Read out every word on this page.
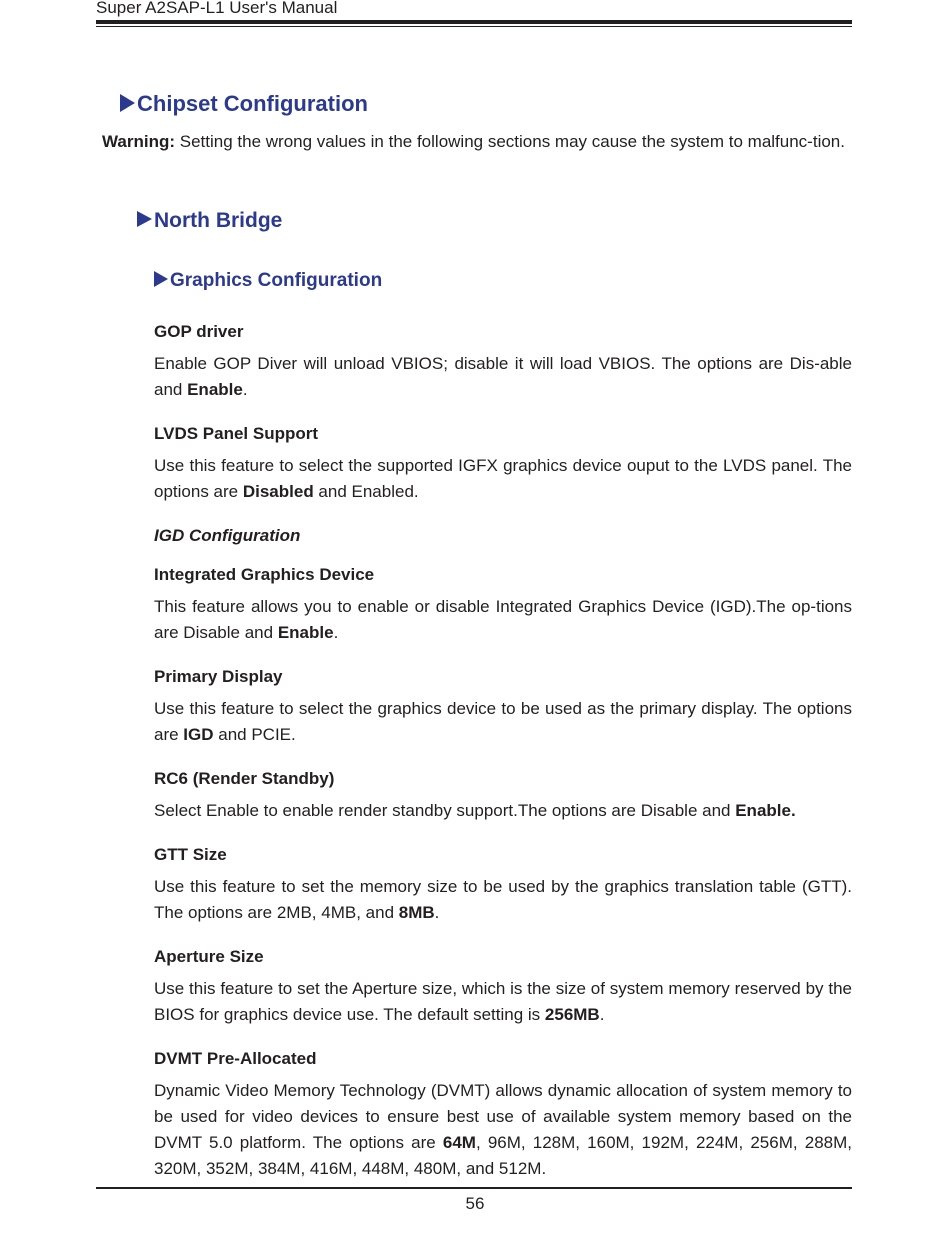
Super A2SAP-L1 User's Manual
Chipset Configuration
Warning: Setting the wrong values in the following sections may cause the system to malfunc-tion.
North Bridge
Graphics Configuration
GOP driver
Enable GOP Diver will unload VBIOS; disable it will load VBIOS. The options are Dis-able and Enable.
LVDS Panel Support
Use this feature to select the supported IGFX graphics device ouput to the LVDS panel. The options are Disabled and Enabled.
IGD Configuration
Integrated Graphics Device
This feature allows you to enable or disable Integrated Graphics Device (IGD).The op-tions are Disable and Enable.
Primary Display
Use this feature to select the graphics device to be used as the primary display. The options are IGD and PCIE.
RC6 (Render Standby)
Select Enable to enable render standby support.The options are Disable and Enable.
GTT Size
Use this feature to set the memory size to be used by the graphics translation table (GTT). The options are 2MB, 4MB, and 8MB.
Aperture Size
Use this feature to set the Aperture size, which is the size of system memory reserved by the BIOS for graphics device use. The default setting is 256MB.
DVMT Pre-Allocated
Dynamic Video Memory Technology (DVMT) allows dynamic allocation of system memory to be used for video devices to ensure best use of available system memory based on the DVMT 5.0 platform. The options are 64M, 96M, 128M, 160M, 192M, 224M, 256M, 288M, 320M, 352M, 384M, 416M, 448M, 480M, and 512M.
56
